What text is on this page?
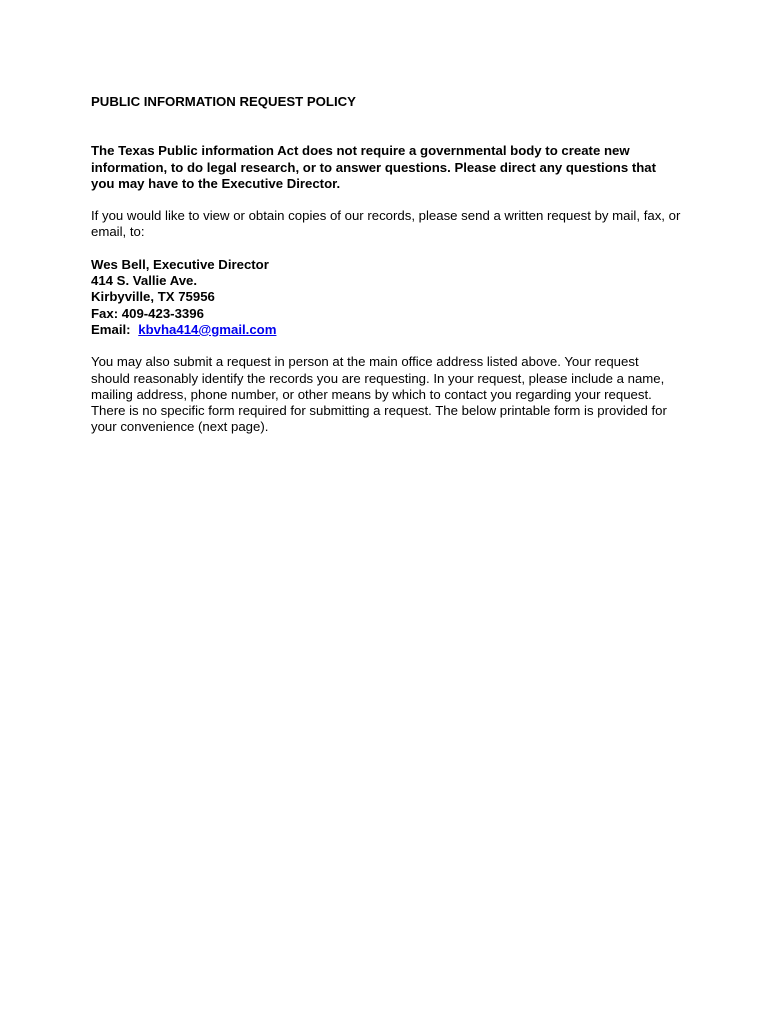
PUBLIC INFORMATION REQUEST POLICY

The Texas Public information Act does not require a governmental body to create new information, to do legal research, or to answer questions. Please direct any questions that you may have to the Executive Director.

If you would like to view or obtain copies of our records, please send a written request by mail, fax, or email, to:

Wes Bell, Executive Director
414 S. Vallie Ave.
Kirbyville, TX 75956
Fax: 409-423-3396
Email: kbvha414@gmail.com

You may also submit a request in person at the main office address listed above. Your request should reasonably identify the records you are requesting. In your request, please include a name, mailing address, phone number, or other means by which to contact you regarding your request. There is no specific form required for submitting a request. The below printable form is provided for your convenience (next page).
